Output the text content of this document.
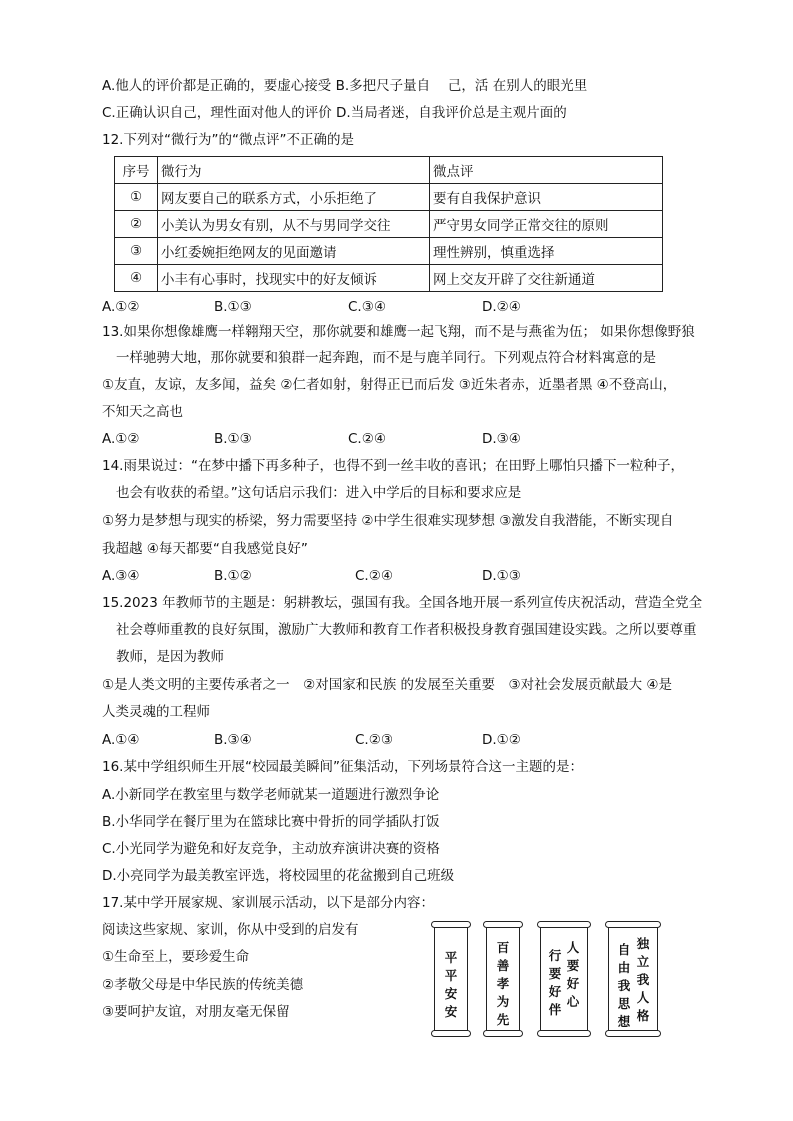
A.他人的评价都是正确的，要虚心接受 B.多把尺子量自　 己，活 在别人的眼光里
C.正确认识自己，理性面对他人的评价 D.当局者迷，自我评价总是主观片面的
12.下列对“微行为”的“微点评”不正确的是
序号	微行为	微点评
①	网友要自己的联系方式，小乐拒绝了	要有自我保护意识
②	小美认为男女有别，从不与男同学交往	严守男女同学正常交往的原则
③	小红委婉拒绝网友的见面邀请	理性辨别，慎重选择
④	小丰有心事时，找现实中的好友倾诉	网上交友开辟了交往新通道
A.①②	B.①③	C.③④	D.②④
13.如果你想像雄鹰一样翱翔天空，那你就要和雄鹰一起飞翔，而不是与燕雀为伍； 如果你想像野狼
一样驰骋大地，那你就要和狼群一起奔跑，而不是与鹿羊同行。下列观点符合材料寓意的是
①友直，友谅，友多闻，益矣 ②仁者如射，射得正已而后发 ③近朱者赤，近墨者黑 ④不登高山，
不知天之高也
A.①②	B.①③	C.②④	D.③④
14.雨果说过：“在梦中播下再多种子，也得不到一丝丰收的喜讯；在田野上哪怕只播下一粒种子，
也会有收获的希望。”这句话启示我们：进入中学后的目标和要求应是
①努力是梦想与现实的桥梁，努力需要坚持 ②中学生很难实现梦想 ③激发自我潜能，不断实现自
我超越 ④每天都要“自我感觉良好”
A.③④	B.①②	C.②④	D.①③
15.2023 年教师节的主题是：躬耕教坛，强国有我。全国各地开展一系列宣传庆祝活动，营造全党全
社会尊师重教的良好氛围，激励广大教师和教育工作者积极投身教育强国建设实践。之所以要尊重
教师，是因为教师
①是人类文明的主要传承者之一　②对国家和民族 的发展至关重要　③对社会发展贡献最大 ④是
人类灵魂的工程师
A.①④	B.③④	C.②③	D.①②
16.某中学组织师生开展“校园最美瞬间”征集活动，下列场景符合这一主题的是：
A.小新同学在教室里与数学老师就某一道题进行激烈争论
B.小华同学在餐厅里为在篮球比赛中骨折的同学插队打饭
C.小光同学为避免和好友竞争，主动放弃演讲决赛的资格
D.小亮同学为最美教室评选，将校园里的花盆搬到自己班级
17.某中学开展家规、家训展示活动，以下是部分内容：
阅读这些家规、家训，你从中受到的启发有
①生命至上，要珍爱生命
②孝敬父母是中华民族的传统美德
③要呵护友谊，对朋友毫无保留
平平安安
百善孝为先
人要好心
行要好伴
独立我人格
自由我思想
